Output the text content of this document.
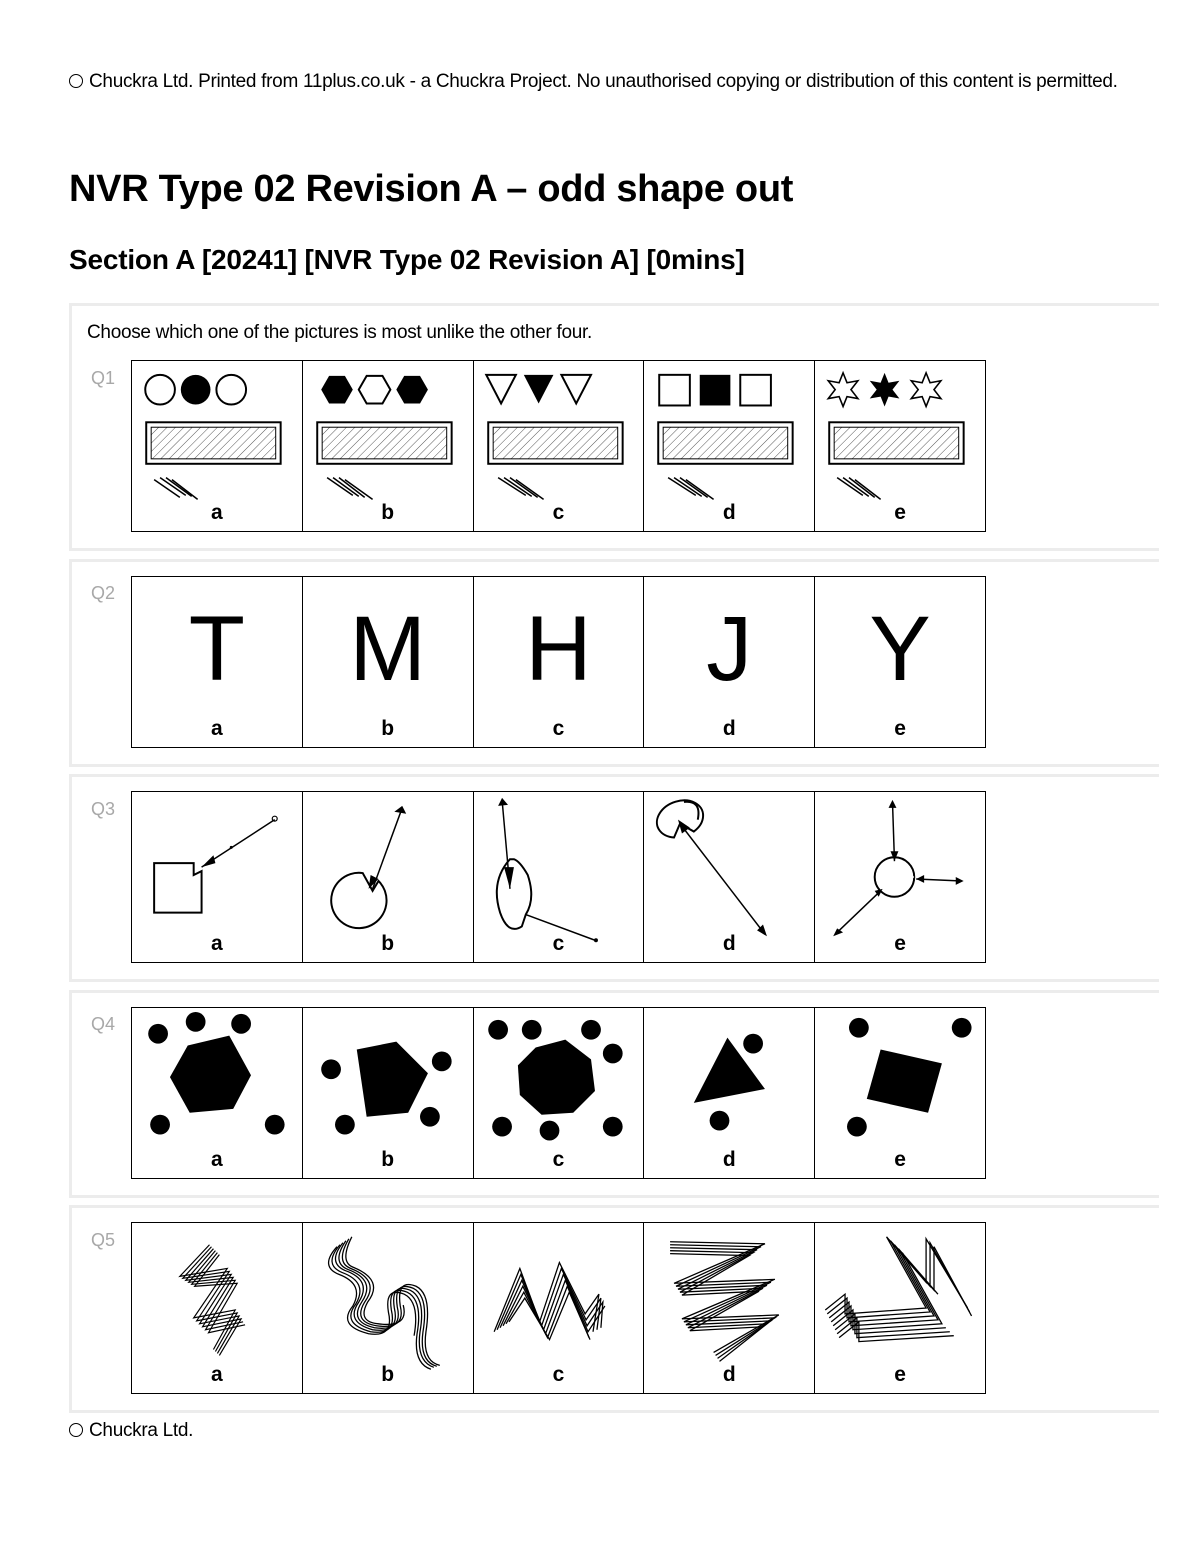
Chuckra Ltd. Printed from 11plus.co.uk - a Chuckra Project. No unauthorised copying or distribution of this content is permitted.
NVR Type 02 Revision A – odd shape out
Section A [20241] [NVR Type 02 Revision A] [0mins]
Choose which one of the pictures is most unlike the other four.
Q1
a	b	c	d	e
Q2
T
a
M
b
H
c
J
d
Y
e
Q3
a	b	c	d	e
Q4
a	b	c	d	e
Q5
a	b	c	d	e
Chuckra Ltd.
